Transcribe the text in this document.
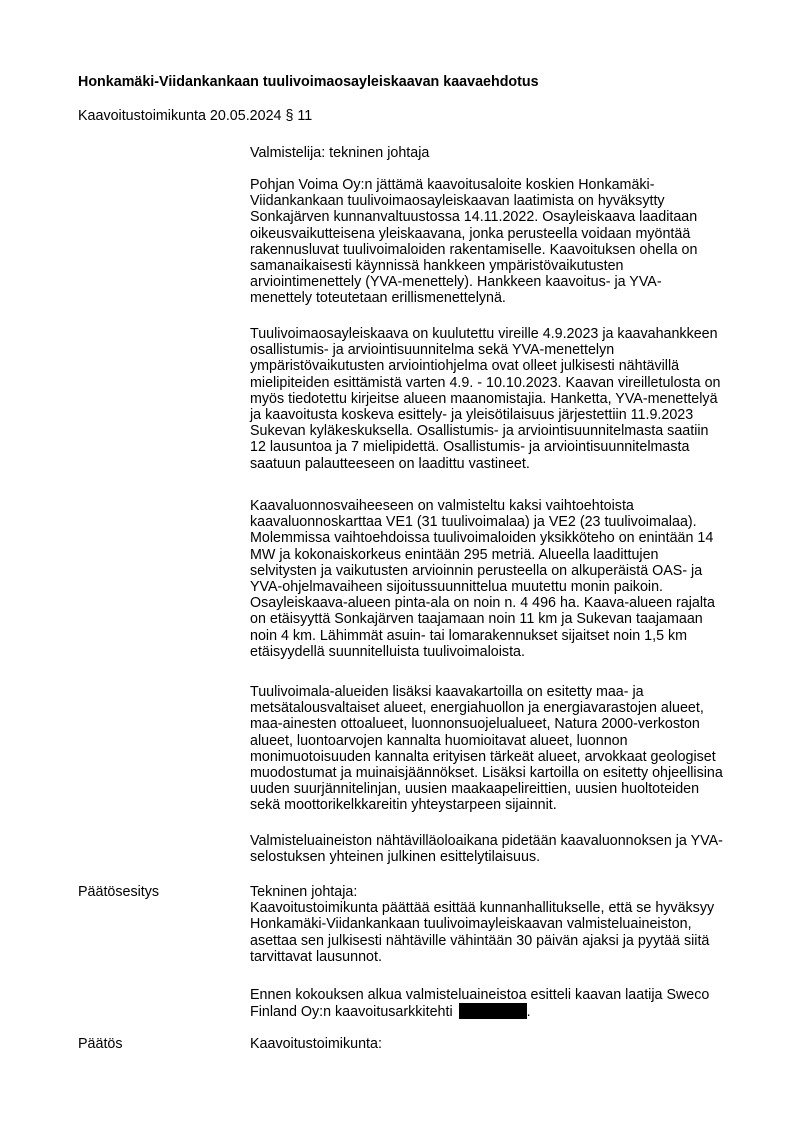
Honkamäki-Viidankankaan tuulivoimaosayleiskaavan kaavaehdotus
Kaavoitustoimikunta 20.05.2024 § 11
Valmistelija: tekninen johtaja

Pohjan Voima Oy:n jättämä kaavoitusaloite koskien Honkamäki-
Viidankankaan tuulivoimaosayleiskaavan laatimista on hyväksytty
Sonkajärven kunnanvaltuustossa 14.11.2022. Osayleiskaava laaditaan
oikeusvaikutteisena yleiskaavana, jonka perusteella voidaan myöntää
rakennusluvat tuulivoimaloiden rakentamiselle. Kaavoituksen ohella on
samanaikaisesti käynnissä hankkeen ympäristövaikutusten
arviointimenettely (YVA-menettely). Hankkeen kaavoitus- ja YVA-
menettely toteutetaan erillismenettelynä.

Tuulivoimaosayleiskaava on kuulutettu vireille 4.9.2023 ja kaavahankkeen
osallistumis- ja arviointisuunnitelma sekä YVA-menettelyn
ympäristövaikutusten arviointiohjelma ovat olleet julkisesti nähtävillä
mielipiteiden esittämistä varten 4.9. - 10.10.2023. Kaavan vireilletulosta on
myös tiedotettu kirjeitse alueen maanomistajia. Hanketta, YVA-menettelyä
ja kaavoitusta koskeva esittely- ja yleisötilaisuus järjestettiin 11.9.2023
Sukevan kyläkeskuksella. Osallistumis- ja arviointisuunnitelmasta saatiin
12 lausuntoa ja 7 mielipidettä. Osallistumis- ja arviointisuunnitelmasta
saatuun palautteeseen on laadittu vastineet.

Kaavaluonnosvaiheeseen on valmisteltu kaksi vaihtoehtoista
kaavaluonnoskarttaa VE1 (31 tuulivoimalaa) ja VE2 (23 tuulivoimalaa).
Molemmissa vaihtoehdoissa tuulivoimaloiden yksikköteho on enintään 14
MW ja kokonaiskorkeus enintään 295 metriä. Alueella laadittujen
selvitysten ja vaikutusten arvioinnin perusteella on alkuperäistä OAS- ja
YVA-ohjelmavaiheen sijoitussuunnittelua muutettu monin paikoin.
Osayleiskaava-alueen pinta-ala on noin n. 4 496 ha. Kaava-alueen rajalta
on etäisyyttä Sonkajärven taajamaan noin 11 km ja Sukevan taajamaan
noin 4 km. Lähimmät asuin- tai lomarakennukset sijaitset noin 1,5 km
etäisyydellä suunnitelluista tuulivoimaloista.

Tuulivoimala-alueiden lisäksi kaavakartoilla on esitetty maa- ja
metsätalousvaltaiset alueet, energiahuollon ja energiavarastojen alueet,
maa-ainesten ottoalueet, luonnonsuojelualueet, Natura 2000-verkoston
alueet, luontoarvojen kannalta huomioitavat alueet, luonnon
monimuotoisuuden kannalta erityisen tärkeät alueet, arvokkaat geologiset
muodostumat ja muinaisjäännökset. Lisäksi kartoilla on esitetty ohjeellisina
uuden suurjännitelinjan, uusien maakaapelireittien, uusien huoltoteiden
sekä moottorikelkkareitin yhteystarpeen sijainnit.

Valmisteluaineiston nähtävilläoloaikana pidetään kaavaluonnoksen ja YVA-
selostuksen yhteinen julkinen esittelytilaisuus.

Päätösesitys	Tekninen johtaja:
Kaavoitustoimikunta päättää esittää kunnanhallitukselle, että se hyväksyy
Honkamäki-Viidankankaan tuulivoimayleiskaavan valmisteluaineiston,
asettaa sen julkisesti nähtäville vähintään 30 päivän ajaksi ja pyytää siitä
tarvittavat lausunnot.

Ennen kokouksen alkua valmisteluaineistoa esitteli kaavan laatija Sweco
Finland Oy:n kaavoitusarkkitehti	.

Päätös	Kaavoitustoimikunta:
